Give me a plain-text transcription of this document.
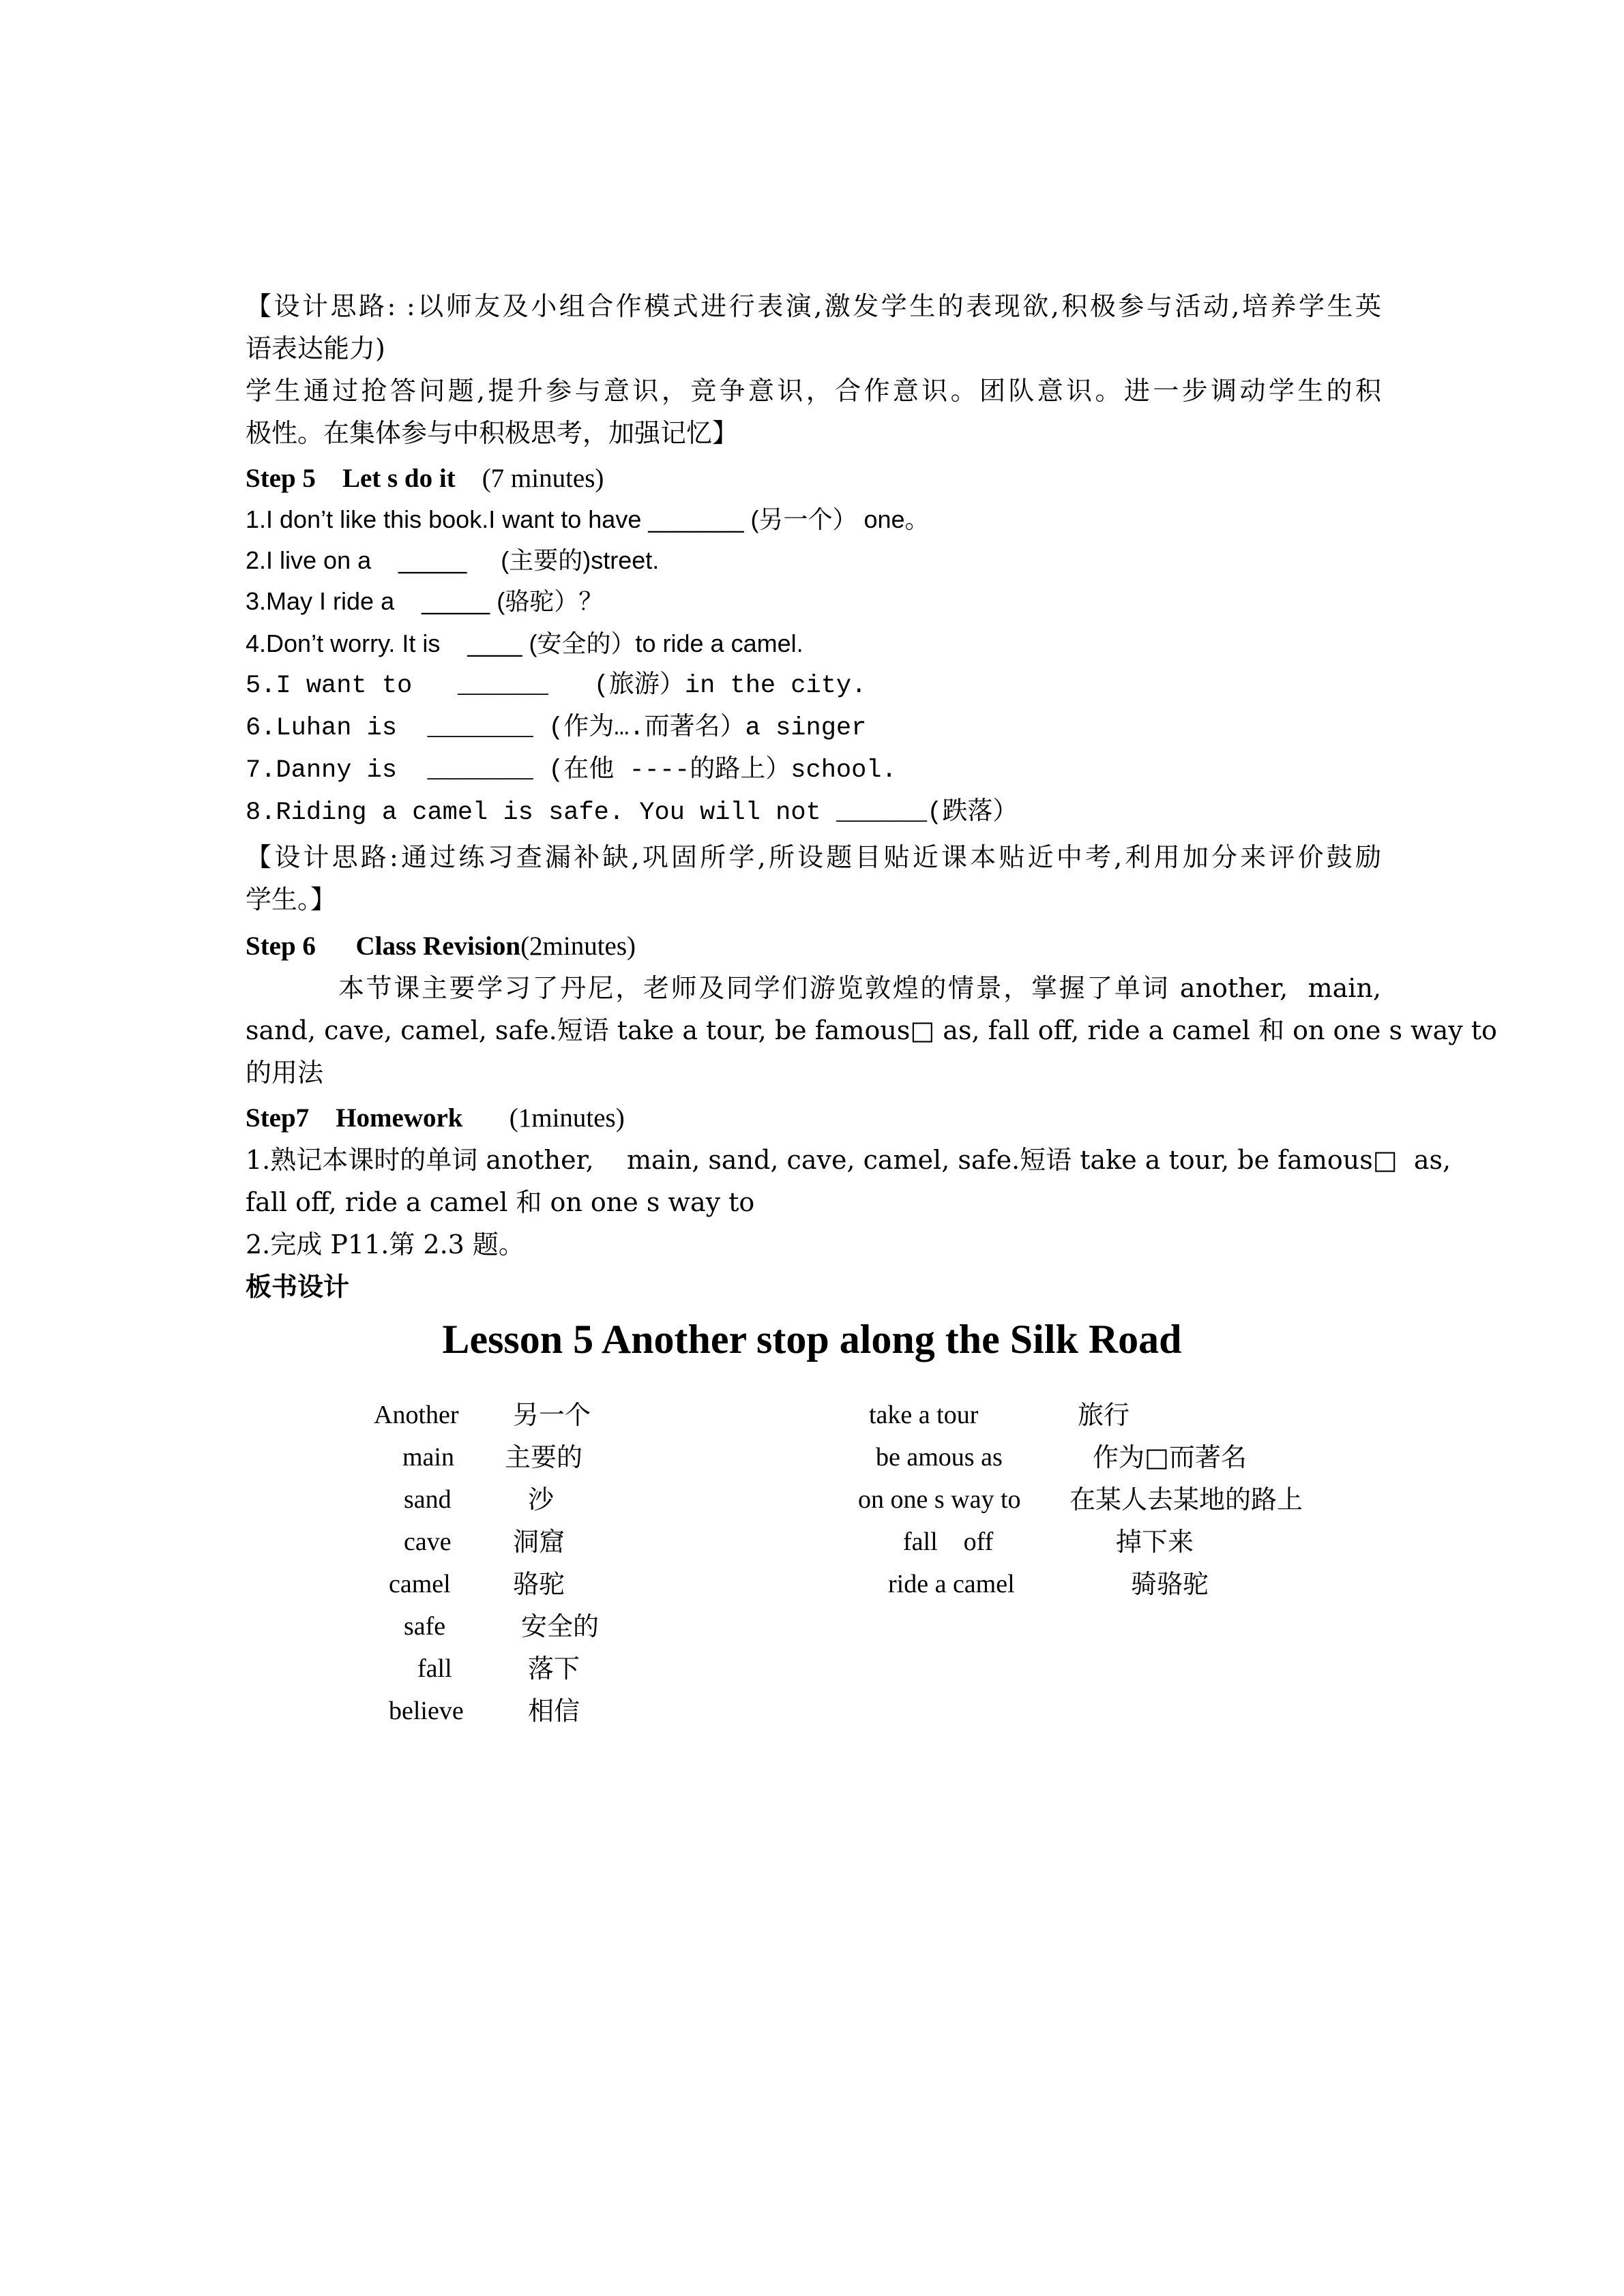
【设计思路: :以师友及小组合作模式进行表演,激发学生的表现欲,积极参与活动,培养学生英
语表达能力)
学生通过抢答问题,提升参与意识，竞争意识，合作意识。团队意识。进一步调动学生的积
极性。在集体参与中积极思考，加强记忆】
Step 5 Let s do it (7 minutes)
1.I don’t like this book.I want to have _______ (另一个） one。
2.I live on a    _____     (主要的)street.
3.May I ride a    _____ (骆驼）？
4.Don’t worry. It is    ____ (安全的）to ride a camel.
5.I want to   ______   (旅游）in the city.
6.Luhan is  _______ (作为….而著名）a singer
7.Danny is  _______ (在他 ----的路上）school.
8.Riding a camel is safe. You will not ______(跌落）
【设计思路:通过练习查漏补缺,巩固所学,所设题目贴近课本贴近中考,利用加分来评价鼓励
学生。】
Step 6 Class Revision(2minutes)
本节课主要学习了丹尼，老师及同学们游览敦煌的情景，掌握了单词 another,  main,
sand, cave, camel, safe.短语 take a tour, be famous□ as, fall off, ride a camel 和 on one s way to
的用法
Step7 Homework (1minutes)
1.熟记本课时的单词 another,    main, sand, cave, camel, safe.短语 take a tour, be famous□  as,
fall off, ride a camel 和 on one s way to
2.完成 P11.第 2.3 题。
板书设计
Lesson 5 Another stop along the Silk Road
Another 另一个
main 主要的
sand	沙
cave 洞窟
camel 骆驼
safe	安全的
fall	落下
believe 相信
take a tour	旅行
be amous as	作为□而著名
on one s way to 在某人去某地的路上
fall    off	掉下来
ride a camel	骑骆驼
